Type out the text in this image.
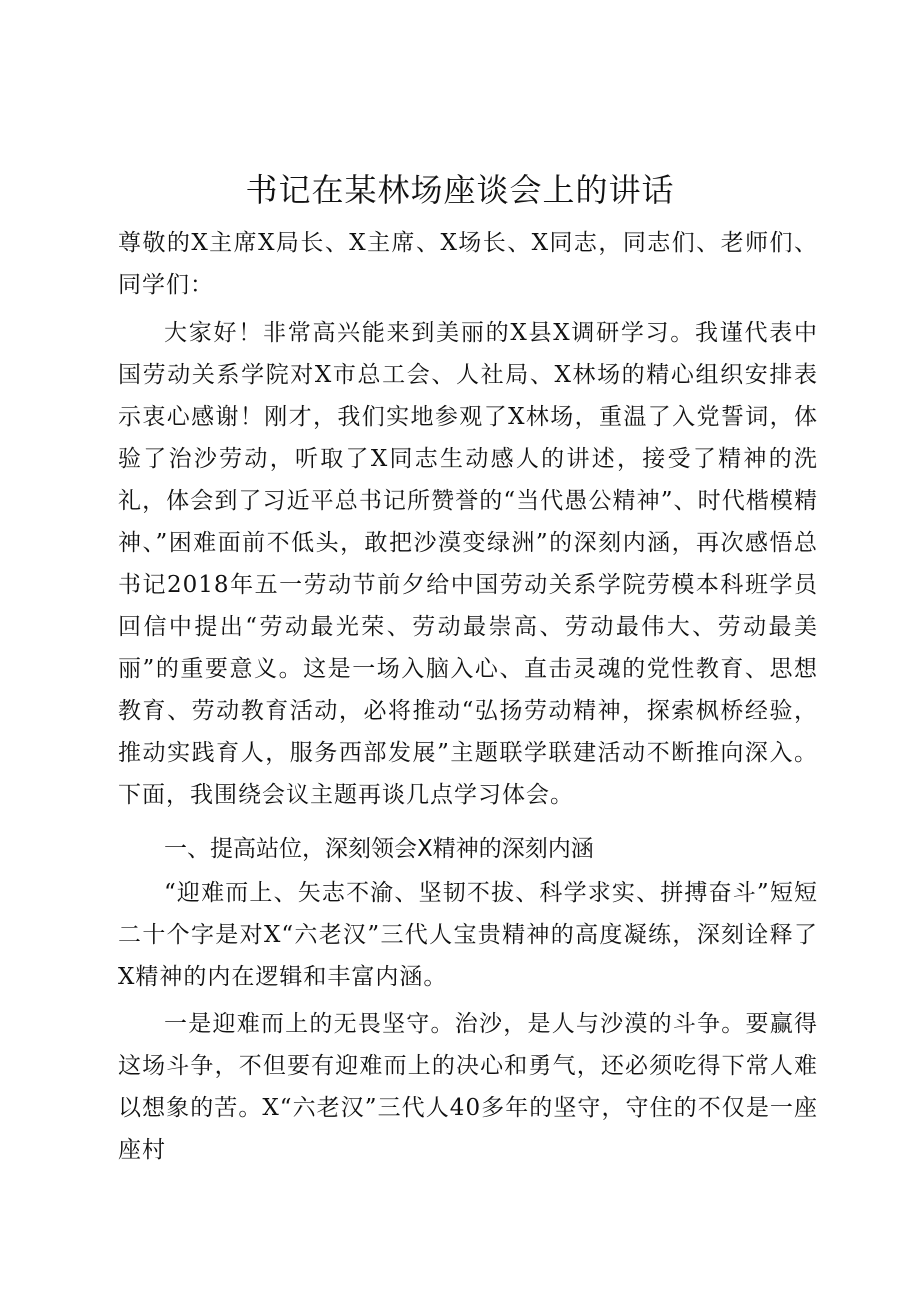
书记在某林场座谈会上的讲话

尊敬的X主席X局长、X主席、X场长、X同志，同志们、老师们、同学们：

大家好！非常高兴能来到美丽的X县X调研学习。我谨代表中国劳动关系学院对X市总工会、人社局、X林场的精心组织安排表示衷心感谢！刚才，我们实地参观了X林场，重温了入党誓词，体验了治沙劳动，听取了X同志生动感人的讲述，接受了精神的洗礼，体会到了习近平总书记所赞誉的“当代愚公精神”、时代楷模精神、”困难面前不低头，敢把沙漠变绿洲”的深刻内涵，再次感悟总书记2018年五一劳动节前夕给中国劳动关系学院劳模本科班学员回信中提出“劳动最光荣、劳动最崇高、劳动最伟大、劳动最美丽”的重要意义。这是一场入脑入心、直击灵魂的党性教育、思想教育、劳动教育活动，必将推动“弘扬劳动精神，探索枫桥经验，推动实践育人，服务西部发展”主题联学联建活动不断推向深入。下面，我围绕会议主题再谈几点学习体会。

一、提高站位，深刻领会X精神的深刻内涵

“迎难而上、矢志不渝、坚韧不拔、科学求实、拼搏奋斗”短短二十个字是对X“六老汉”三代人宝贵精神的高度凝练，深刻诠释了X精神的内在逻辑和丰富内涵。

一是迎难而上的无畏坚守。治沙，是人与沙漠的斗争。要赢得这场斗争，不但要有迎难而上的决心和勇气，还必须吃得下常人难以想象的苦。X“六老汉”三代人40多年的坚守，守住的不仅是一座座村
